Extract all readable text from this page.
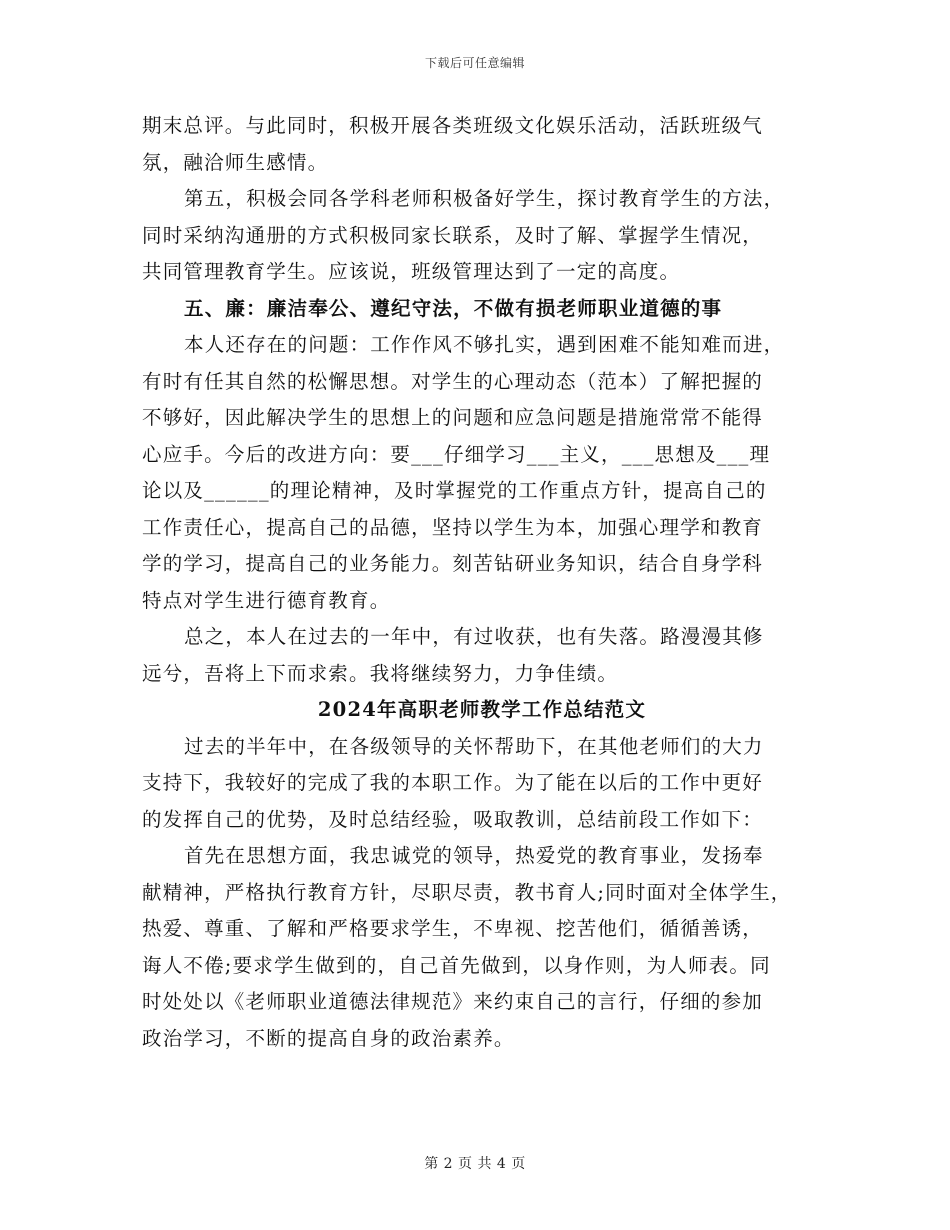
下载后可任意编辑
期末总评。与此同时，积极开展各类班级文化娱乐活动，活跃班级气
氛，融洽师生感情。
第五，积极会同各学科老师积极备好学生，探讨教育学生的方法，
同时采纳沟通册的方式积极同家长联系，及时了解、掌握学生情况，
共同管理教育学生。应该说，班级管理达到了一定的高度。
五、廉：廉洁奉公、遵纪守法，不做有损老师职业道德的事
本人还存在的问题：工作作风不够扎实，遇到困难不能知难而进，
有时有任其自然的松懈思想。对学生的心理动态（范本）了解把握的
不够好，因此解决学生的思想上的问题和应急问题是措施常常不能得
心应手。今后的改进方向：要___仔细学习___主义，___思想及___理
论以及______的理论精神，及时掌握党的工作重点方针，提高自己的
工作责任心，提高自己的品德，坚持以学生为本，加强心理学和教育
学的学习，提高自己的业务能力。刻苦钻研业务知识，结合自身学科
特点对学生进行德育教育。
总之，本人在过去的一年中，有过收获，也有失落。路漫漫其修
远兮，吾将上下而求索。我将继续努力，力争佳绩。
2024年高职老师教学工作总结范文
过去的半年中，在各级领导的关怀帮助下，在其他老师们的大力
支持下，我较好的完成了我的本职工作。为了能在以后的工作中更好
的发挥自己的优势，及时总结经验，吸取教训，总结前段工作如下：
首先在思想方面，我忠诚党的领导，热爱党的教育事业，发扬奉
献精神，严格执行教育方针，尽职尽责，教书育人;同时面对全体学生，
热爱、尊重、了解和严格要求学生，不卑视、挖苦他们，循循善诱，
诲人不倦;要求学生做到的，自己首先做到，以身作则，为人师表。同
时处处以《老师职业道德法律规范》来约束自己的言行，仔细的参加
政治学习，不断的提高自身的政治素养。
第 2 页 共 4 页
